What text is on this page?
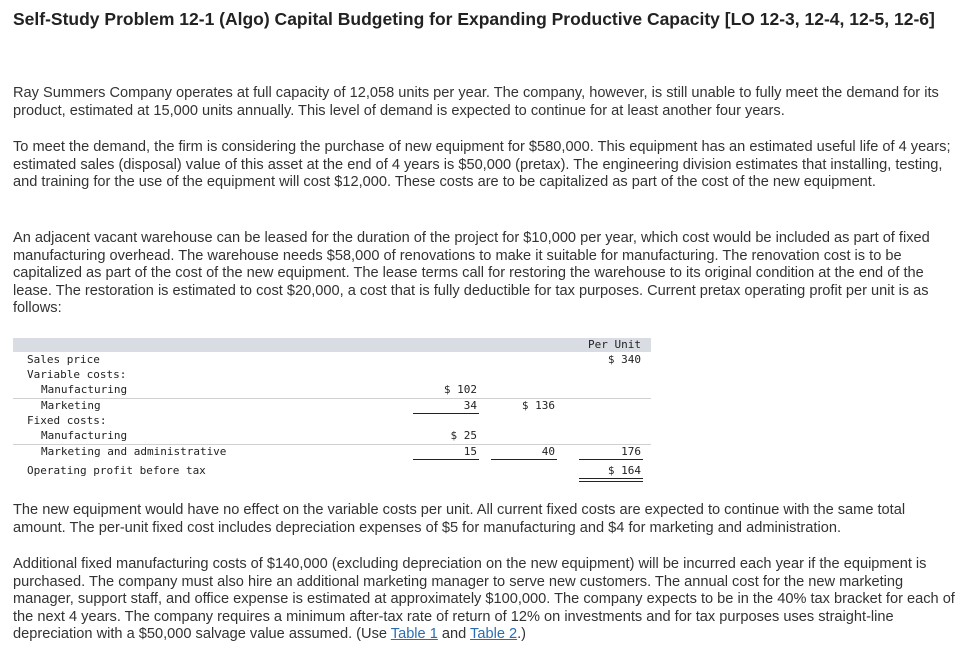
Self-Study Problem 12-1 (Algo) Capital Budgeting for Expanding Productive Capacity [LO 12-3, 12-4, 12-5, 12-6]
Ray Summers Company operates at full capacity of 12,058 units per year. The company, however, is still unable to fully meet the demand for its product, estimated at 15,000 units annually. This level of demand is expected to continue for at least another four years.
To meet the demand, the firm is considering the purchase of new equipment for $580,000. This equipment has an estimated useful life of 4 years; estimated sales (disposal) value of this asset at the end of 4 years is $50,000 (pretax). The engineering division estimates that installing, testing, and training for the use of the equipment will cost $12,000. These costs are to be capitalized as part of the cost of the new equipment.
An adjacent vacant warehouse can be leased for the duration of the project for $10,000 per year, which cost would be included as part of fixed manufacturing overhead. The warehouse needs $58,000 of renovations to make it suitable for manufacturing. The renovation cost is to be capitalized as part of the cost of the new equipment. The lease terms call for restoring the warehouse to its original condition at the end of the lease. The restoration is estimated to cost $20,000, a cost that is fully deductible for tax purposes. Current pretax operating profit per unit is as follows:
Per Unit
Sales price	$ 340
Variable costs:
Manufacturing	$ 102
Marketing	34	$ 136
Fixed costs:
Manufacturing	$ 25
Marketing and administrative	15	40	176
Operating profit before tax	$ 164
The new equipment would have no effect on the variable costs per unit. All current fixed costs are expected to continue with the same total amount. The per-unit fixed cost includes depreciation expenses of $5 for manufacturing and $4 for marketing and administration.
Additional fixed manufacturing costs of $140,000 (excluding depreciation on the new equipment) will be incurred each year if the equipment is purchased. The company must also hire an additional marketing manager to serve new customers. The annual cost for the new marketing manager, support staff, and office expense is estimated at approximately $100,000. The company expects to be in the 40% tax bracket for each of the next 4 years. The company requires a minimum after-tax rate of return of 12% on investments and for tax purposes uses straight-line depreciation with a $50,000 salvage value assumed. (Use Table 1 and Table 2.)
